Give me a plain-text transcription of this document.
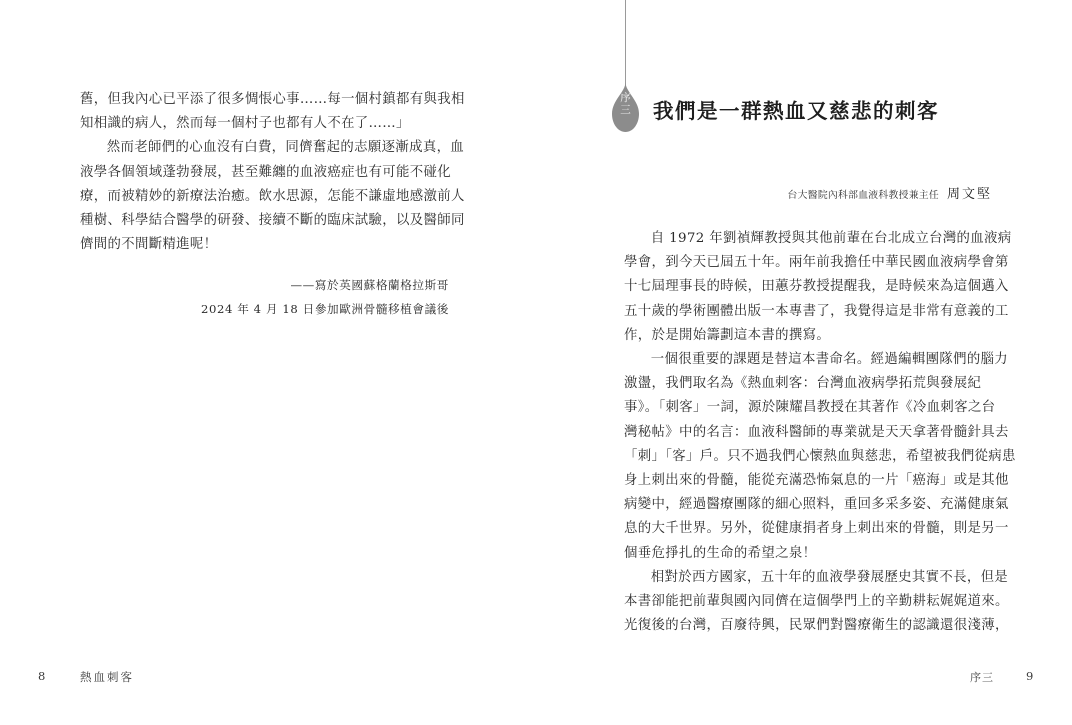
舊，但我內心已平添了很多惆悵心事……每一個村鎮都有與我相

知相識的病人，然而每一個村子也都有人不在了……」

然而老師們的心血沒有白費，同儕奮起的志願逐漸成真，血

液學各個領域蓬勃發展，甚至難纏的血液癌症也有可能不碰化

療，而被精妙的新療法治癒。飲水思源，怎能不謙虛地感激前人

種樹、科學結合醫學的研發、接續不斷的臨床試驗，以及醫師同

儕間的不間斷精進呢！

——寫於英國蘇格蘭格拉斯哥
2024 年 4 月 18 日參加歐洲骨髓移植會議後
8	熱血刺客
序
三	我們是一群熱血又慈悲的刺客
台大醫院內科部血液科教授兼主任 周文堅

自 1972 年劉禎輝教授與其他前輩在台北成立台灣的血液病

學會，到今天已屆五十年。兩年前我擔任中華民國血液病學會第

十七屆理事長的時候，田蕙芬教授提醒我，是時候來為這個邁入

五十歲的學術團體出版一本專書了，我覺得這是非常有意義的工

作，於是開始籌劃這本書的撰寫。

一個很重要的課題是替這本書命名。經過編輯團隊們的腦力

激盪，我們取名為《熱血刺客：台灣血液病學拓荒與發展紀

事》。「刺客」一詞，源於陳耀昌教授在其著作《冷血刺客之台

灣秘帖》中的名言：血液科醫師的專業就是天天拿著骨髓針具去

「刺」「客」戶。只不過我們心懷熱血與慈悲，希望被我們從病患

身上刺出來的骨髓，能從充滿恐怖氣息的一片「癌海」或是其他

病變中，經過醫療團隊的細心照料，重回多采多姿、充滿健康氣

息的大千世界。另外，從健康捐者身上刺出來的骨髓，則是另一

個垂危掙扎的生命的希望之泉！

相對於西方國家，五十年的血液學發展歷史其實不長，但是

本書卻能把前輩與國內同儕在這個學門上的辛勤耕耘娓娓道來。

光復後的台灣，百廢待興，民眾們對醫療衛生的認識還很淺薄，

序三	9
